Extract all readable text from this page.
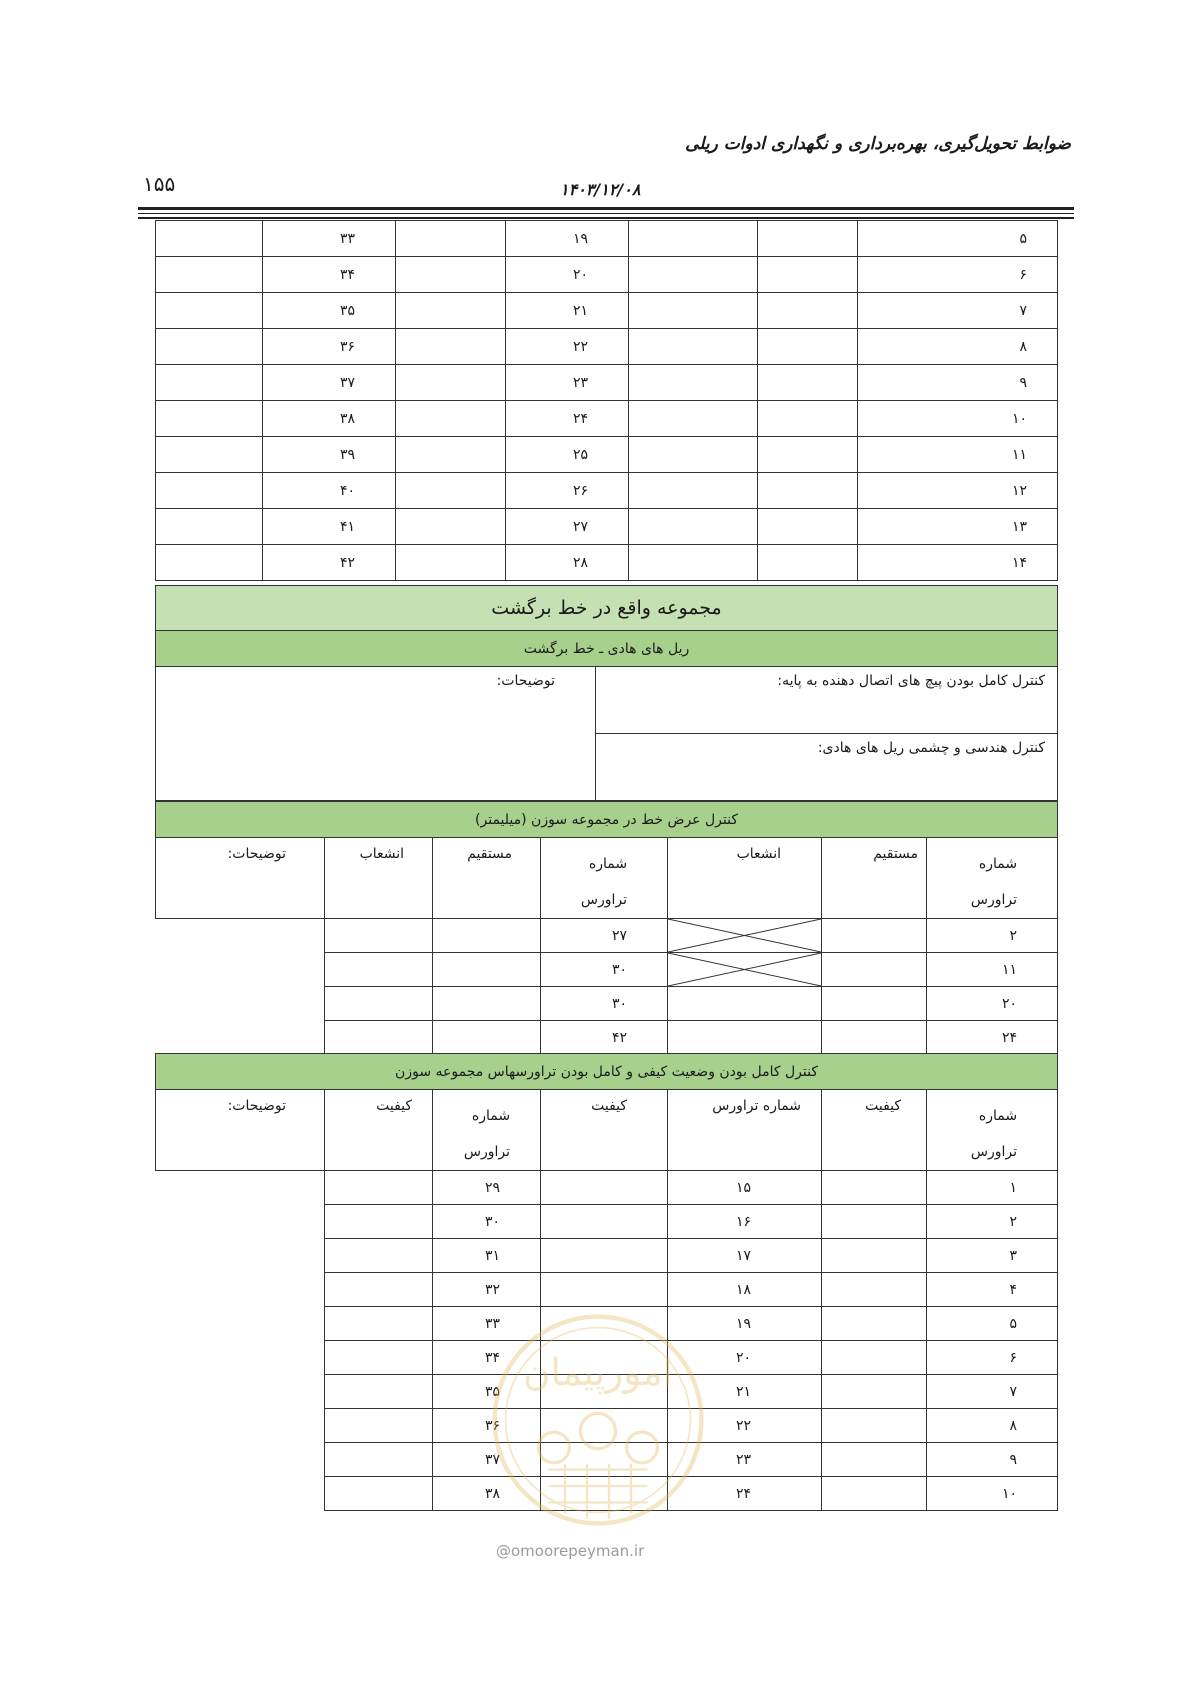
ضوابط تحویل‌گیری، بهره‌برداری و نگهداری ادوات ریلی
۱۵۵	۱۴۰۳/۱۲/۰۸
۵			۱۹		۳۳		
۶			۲۰		۳۴		
۷			۲۱		۳۵		
۸			۲۲		۳۶		
۹			۲۳		۳۷		
۱۰			۲۴		۳۸		
۱۱			۲۵		۳۹		
۱۲			۲۶		۴۰		
۱۳			۲۷		۴۱		
۱۴			۲۸		۴۲		
مجموعه واقع در خط برگشت
ریل های هادی ـ خط برگشت
کنترل کامل بودن پیچ های اتصال دهنده به پایه:	توضیحات:
کنترل هندسی و چشمی ریل های هادی:
کنترل عرض خط در مجموعه سوزن (میلیمتر)						
شماره
تراورس	مستقیم	انشعاب	شماره
تراورس	مستقیم	انشعاب	توضیحات:
۲			۲۷			
۱۱			۳۰			
۲۰			۳۰			
۲۴			۴۲			
کنترل کامل بودن وضعیت کیفی و کامل بودن تراورسهاس مجموعه سوزن						
شماره
تراورس	کیفیت	شماره تراورس	کیفیت	شماره
تراورس	کیفیت	توضیحات:
۱		۱۵		۲۹		
۲		۱۶		۳۰		
۳		۱۷		۳۱		
۴		۱۸		۳۲		
۵		۱۹		۳۳		
۶		۲۰		۳۴		
۷		۲۱		۳۵		
۸		۲۲		۳۶		
۹		۲۳		۳۷		
۱۰		۲۴		۳۸		
امورپیمان
@omoorepeyman.ir
